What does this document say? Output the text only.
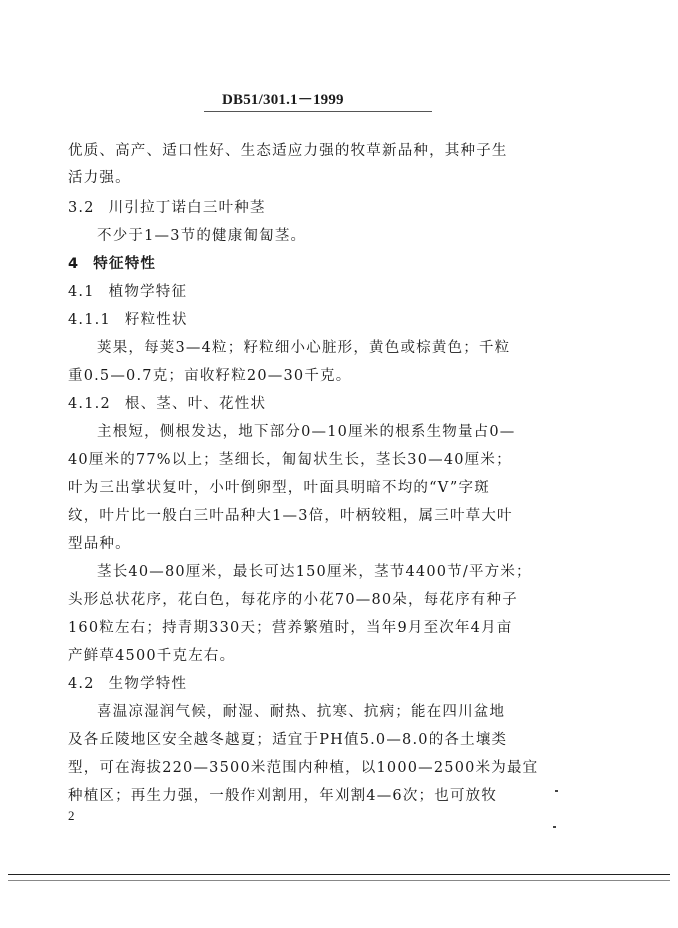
DB51/301.1－1999
优质、高产、适口性好、生态适应力强的牧草新品种，其种子生
活力强。
3.2 川引拉丁诺白三叶种茎
不少于1—3节的健康匍匐茎。
4 特征特性
4.1 植物学特征
4.1.1 籽粒性状
荚果，每荚3—4粒；籽粒细小心脏形，黄色或棕黄色；千粒
重0.5—0.7克；亩收籽粒20—30千克。
4.1.2 根、茎、叶、花性状
主根短，侧根发达，地下部分0—10厘米的根系生物量占0—
40厘米的77%以上；茎细长，匍匐状生长，茎长30—40厘米；
叶为三出掌状复叶，小叶倒卵型，叶面具明暗不均的“V”字斑
纹，叶片比一般白三叶品种大1—3倍，叶柄较粗，属三叶草大叶
型品种。
茎长40—80厘米，最长可达150厘米，茎节4400节/平方米；
头形总状花序，花白色，每花序的小花70—80朵，每花序有种子
160粒左右；持青期330天；营养繁殖时，当年9月至次年4月亩
产鲜草4500千克左右。
4.2 生物学特性
喜温凉湿润气候，耐湿、耐热、抗寒、抗病；能在四川盆地
及各丘陵地区安全越冬越夏；适宜于PH值5.0—8.0的各土壤类
型，可在海拔220—3500米范围内种植，以1000—2500米为最宜
种植区；再生力强，一般作刈割用，年刈割4—6次；也可放牧
2
